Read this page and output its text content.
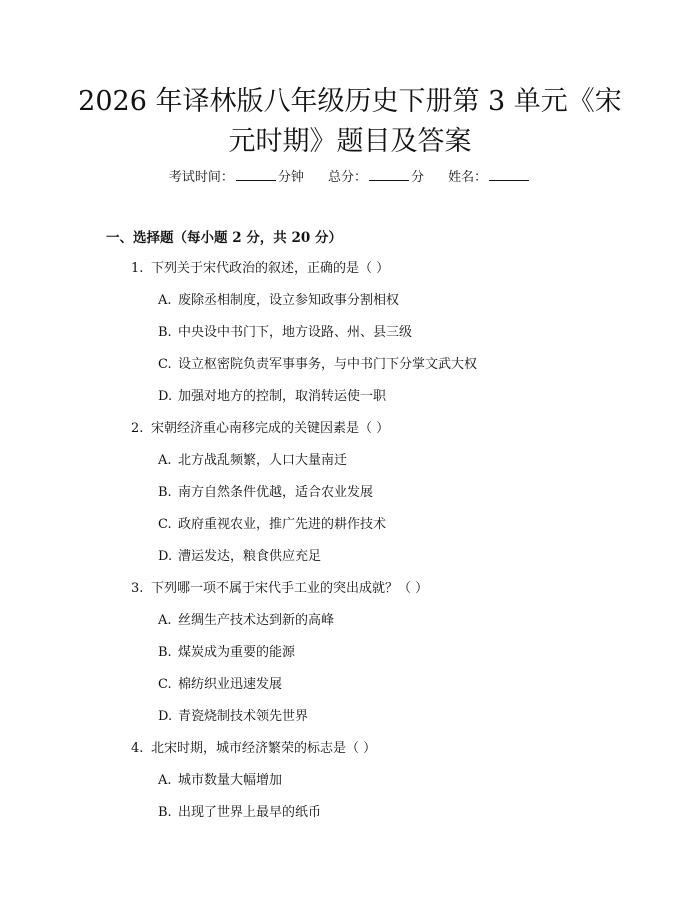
2026 年译林版八年级历史下册第 3 单元《宋
元时期》题目及答案
考试时间：	分钟 总分：	分 姓名：
一、选择题（每小题 2 分，共 20 分）
1. 下列关于宋代政治的叙述，正确的是（ ）
A. 废除丞相制度，设立参知政事分割相权
B. 中央设中书门下，地方设路、州、县三级
C. 设立枢密院负责军事事务，与中书门下分掌文武大权
D. 加强对地方的控制，取消转运使一职
2. 宋朝经济重心南移完成的关键因素是（ ）
A. 北方战乱频繁，人口大量南迁
B. 南方自然条件优越，适合农业发展
C. 政府重视农业，推广先进的耕作技术
D. 漕运发达，粮食供应充足
3. 下列哪一项不属于宋代手工业的突出成就？（ ）
A. 丝绸生产技术达到新的高峰
B. 煤炭成为重要的能源
C. 棉纺织业迅速发展
D. 青瓷烧制技术领先世界
4. 北宋时期，城市经济繁荣的标志是（ ）
A. 城市数量大幅增加
B. 出现了世界上最早的纸币
